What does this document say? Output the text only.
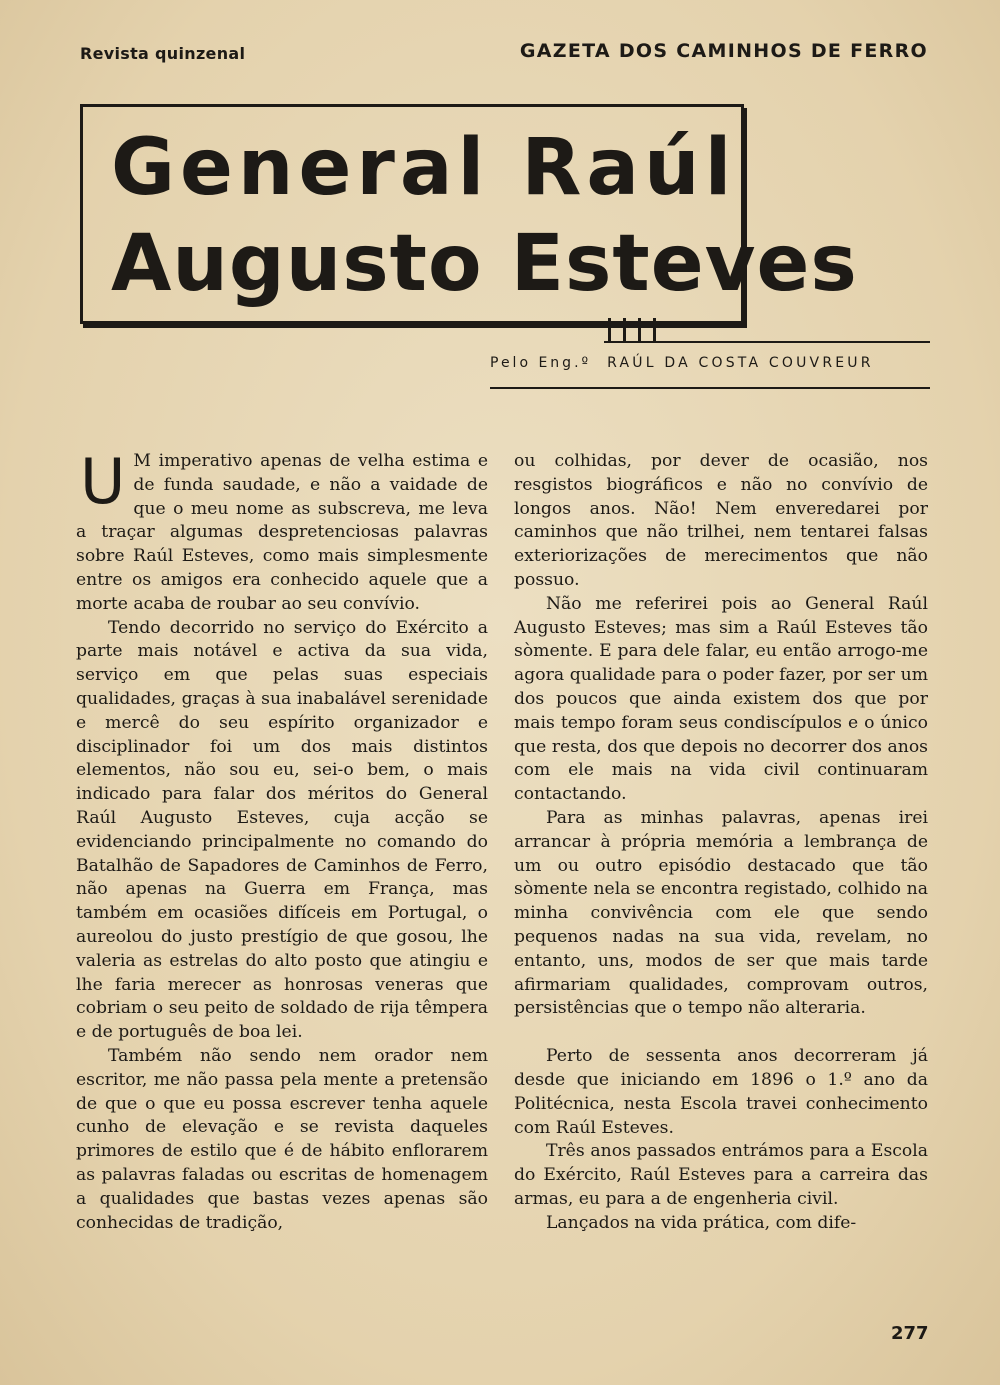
Revista quinzenal	GAZETA DOS CAMINHOS DE FERRO
General Raúl
Augusto Esteves
Pelo Eng.º RAÚL DA COSTA COUVREUR

U M imperativo apenas de velha estima e de funda saudade, e não a vaidade de que o meu nome as subscreva, me leva a traçar algumas despretenciosas palavras sobre Raúl Esteves, como mais simplesmente entre os amigos era conhecido aquele que a morte acaba de roubar ao seu convívio.

Tendo decorrido no serviço do Exército a parte mais notável e activa da sua vida, serviço em que pelas suas especiais qualidades, graças à sua inabalável serenidade e mercê do seu espírito organizador e disciplinador foi um dos mais distintos elementos, não sou eu, sei-o bem, o mais indicado para falar dos méritos do General Raúl Augusto Esteves, cuja acção se evidenciando principalmente no comando do Batalhão de Sapadores de Caminhos de Ferro, não apenas na Guerra em França, mas também em ocasiões difíceis em Portugal, o aureolou do justo prestígio de que gosou, lhe valeria as estrelas do alto posto que atingiu e lhe faria merecer as honrosas veneras que cobriam o seu peito de soldado de rija têmpera e de português de boa lei.

Também não sendo nem orador nem escritor, me não passa pela mente a pretensão de que o que eu possa escrever tenha aquele cunho de elevação e se revista daqueles primores de estilo que é de hábito enflorarem as palavras faladas ou escritas de homenagem a qualidades que bastas vezes apenas são conhecidas de tradição,

ou colhidas, por dever de ocasião, nos resgistos biográficos e não no convívio de longos anos. Não! Nem enveredarei por caminhos que não trilhei, nem tentarei falsas exteriorizações de merecimentos que não possuo.

Não me referirei pois ao General Raúl Augusto Esteves; mas sim a Raúl Esteves tão sòmente. E para dele falar, eu então arrogo-me agora qualidade para o poder fazer, por ser um dos poucos que ainda existem dos que por mais tempo foram seus condiscípulos e o único que resta, dos que depois no decorrer dos anos com ele mais na vida civil continuaram contactando.

Para as minhas palavras, apenas irei arrancar à própria memória a lembrança de um ou outro episódio destacado que tão sòmente nela se encontra registado, colhido na minha convivência com ele que sendo pequenos nadas na sua vida, revelam, no entanto, uns, modos de ser que mais tarde afirmariam qualidades, comprovam outros, persistências que o tempo não alteraria.

Perto de sessenta anos decorreram já desde que iniciando em 1896 o 1.º ano da Politécnica, nesta Escola travei conhecimento com Raúl Esteves.

Três anos passados entrámos para a Escola do Exército, Raúl Esteves para a carreira das armas, eu para a de engenheria civil.

Lançados na vida prática, com dife-

277
